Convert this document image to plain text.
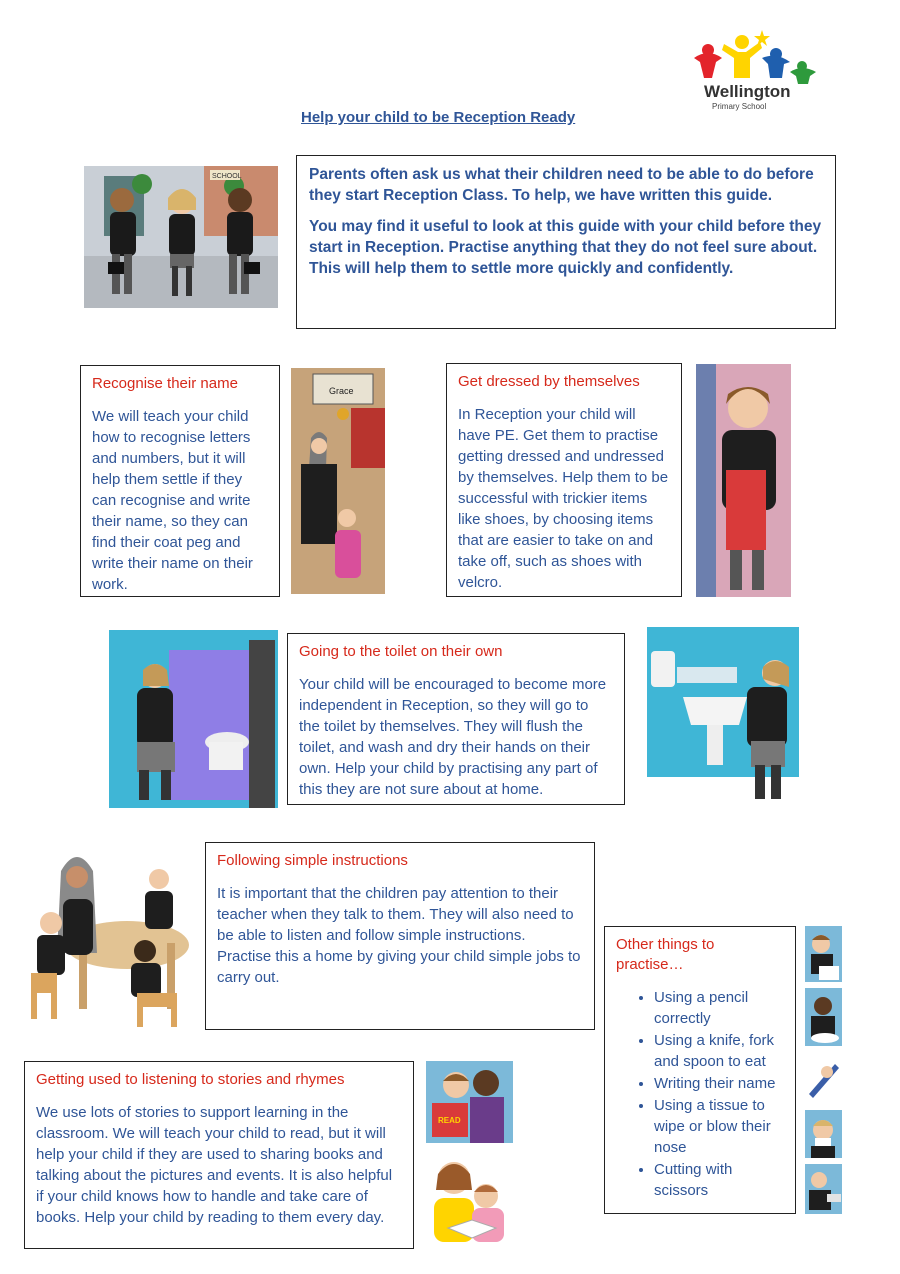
Wellington
Primary School
Help your child to be Reception Ready
SCHOOL	Parents often ask us what their children need to be able to do before they start Reception Class. To help, we have written this guide.

You may find it useful to look at this guide with your child before they start in Reception. Practise anything that they do not feel sure about. This will help them to settle more quickly and confidently.

Recognise their name
We will teach your child how to recognise letters and numbers, but it will help them settle if they can recognise and write their name, so they can find their coat peg and write their name on their work.
Grace
Get dressed by themselves
In Reception your child will have PE. Get them to practise getting dressed and undressed by themselves. Help them to be successful with trickier items like shoes, by choosing items that are easier to take on and take off, such as shoes with velcro.
Going to the toilet on their own
Your child will be encouraged to become more independent in Reception, so they will go to the toilet by themselves. They will flush the toilet, and wash and dry their hands on their own. Help your child by practising any part of this they are not sure about at home.
Following simple instructions
It is important that the children pay attention to their teacher when they talk to them. They will also need to be able to listen and follow simple instructions. Practise this a home by giving your child simple jobs to carry out.
Other things to practise…
• Using a pencil correctly
• Using a knife, fork and spoon to eat
• Writing their name
• Using a tissue to wipe or blow their nose
• Cutting with scissors
Getting used to listening to stories and rhymes
We use lots of stories to support learning in the classroom. We will teach your child to read, but it will help your child if they are used to sharing books and talking about the pictures and events. It is also helpful if your child knows how to handle and take care of books. Help your child by reading to them every day.
READ
